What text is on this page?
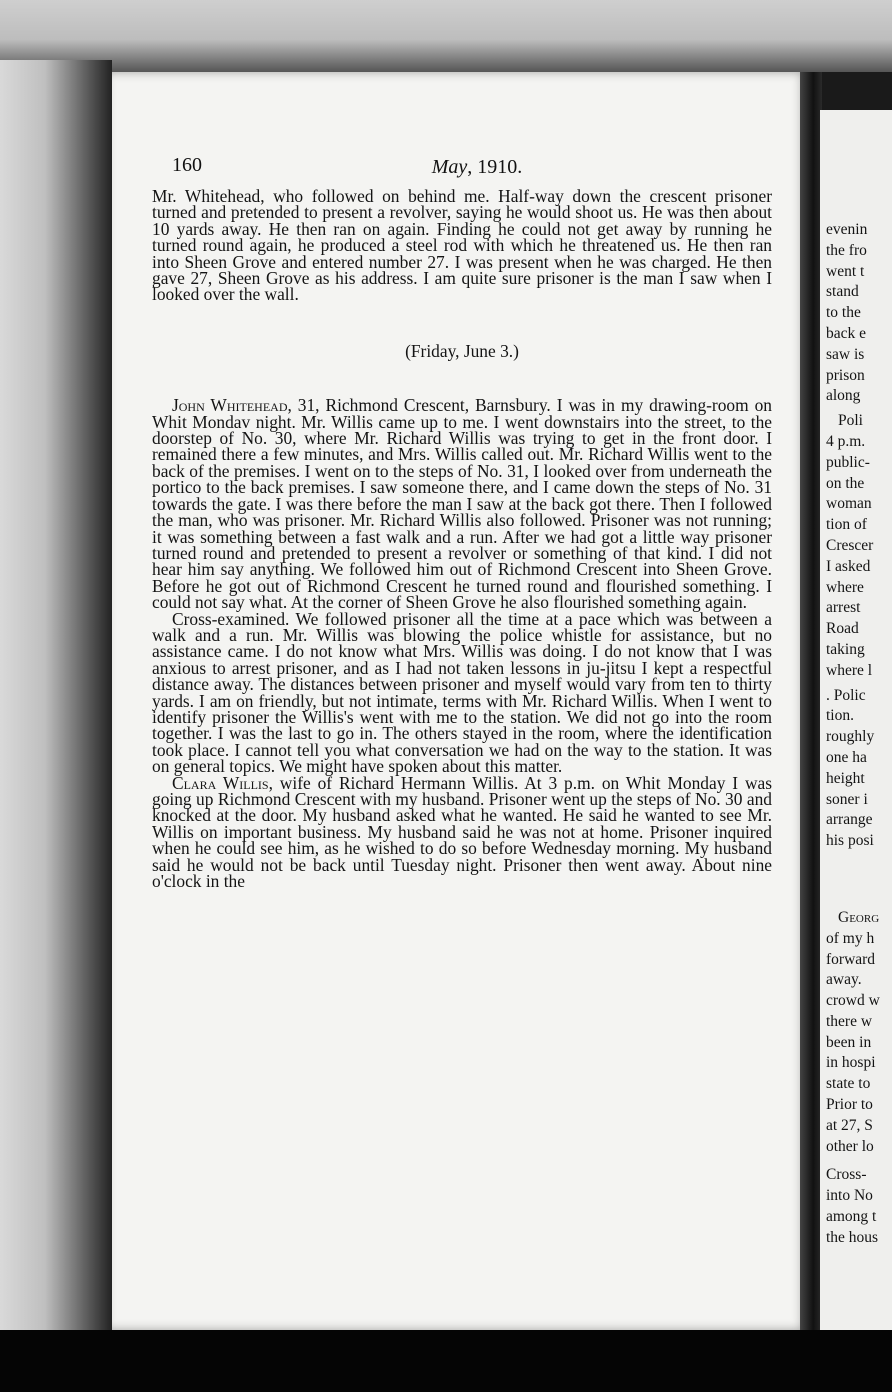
160	May, 1910.

Mr. Whitehead, who followed on behind me. Half-way down the crescent prisoner turned and pretended to present a revolver, saying he would shoot us. He was then about 10 yards away. He then ran on again. Finding he could not get away by running he turned round again, he produced a steel rod with which he threatened us. He then ran into Sheen Grove and entered number 27. I was present when he was charged. He then gave 27, Sheen Grove as his address. I am quite sure prisoner is the man I saw when I looked over the wall.

(Friday, June 3.)

John Whitehead, 31, Richmond Crescent, Barnsbury. I was in my drawing-room on Whit Mondav night. Mr. Willis came up to me. I went downstairs into the street, to the doorstep of No. 30, where Mr. Richard Willis was trying to get in the front door. I remained there a few minutes, and Mrs. Willis called out. Mr. Richard Willis went to the back of the premises. I went on to the steps of No. 31, I looked over from underneath the portico to the back premises. I saw someone there, and I came down the steps of No. 31 towards the gate. I was there before the man I saw at the back got there. Then I followed the man, who was prisoner. Mr. Richard Willis also followed. Prisoner was not running; it was something between a fast walk and a run. After we had got a little way prisoner turned round and pretended to present a revolver or something of that kind. I did not hear him say anything. We followed him out of Richmond Crescent into Sheen Grove. Before he got out of Richmond Crescent he turned round and flourished something. I could not say what. At the corner of Sheen Grove he also flourished something again.

Cross-examined. We followed prisoner all the time at a pace which was between a walk and a run. Mr. Willis was blowing the police whistle for assistance, but no assistance came. I do not know what Mrs. Willis was doing. I do not know that I was anxious to arrest prisoner, and as I had not taken lessons in ju-jitsu I kept a respectful distance away. The distances between prisoner and myself would vary from ten to thirty yards. I am on friendly, but not intimate, terms with Mr. Richard Willis. When I went to identify prisoner the Willis's went with me to the station. We did not go into the room together. I was the last to go in. The others stayed in the room, where the identification took place. I cannot tell you what conversation we had on the way to the station. It was on general topics. We might have spoken about this matter.

Clara Willis, wife of Richard Hermann Willis. At 3 p.m. on Whit Monday I was going up Richmond Crescent with my husband. Prisoner went up the steps of No. 30 and knocked at the door. My husband asked what he wanted. He said he wanted to see Mr. Willis on important business. My husband said he was not at home. Prisoner inquired when he could see him, as he wished to do so before Wednesday morning. My husband said he would not be back until Tuesday night. Prisoner then went away. About nine o'clock in the

evenin
the fro
went t
stand
to the
back e
saw is
prison
along
Poli
4 p.m.
public-
on the
woman
tion of
Crescer
I asked
where
arrest
Road
taking
where l
. Polic
tion.
roughly
one ha
height
soner i
arrange
his posi
Georg
of my h
forward
away.
crowd w
there w
been in
in hospi
state to
Prior to
at 27, S
other lo
Cross-
into No
among t
the hous
